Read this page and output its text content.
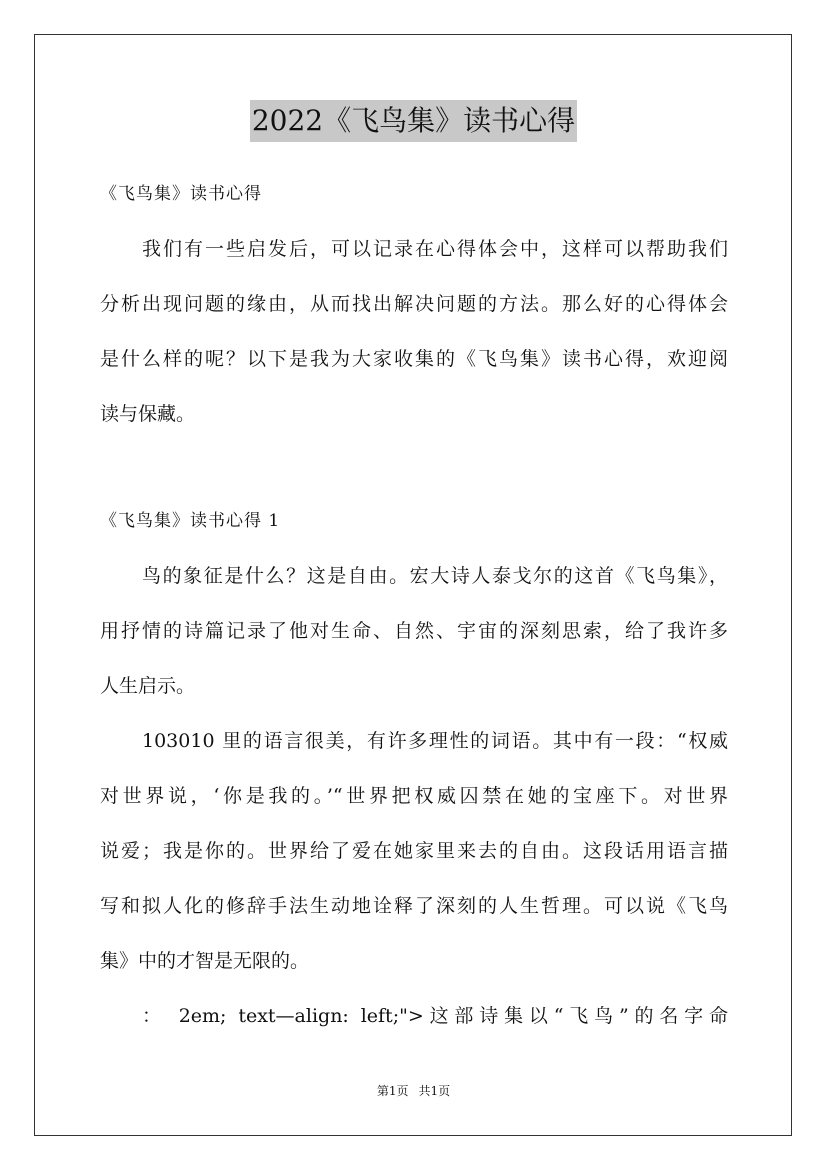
2022《飞鸟集》读书心得
《飞鸟集》读书心得
我们有一些启发后，可以记录在心得体会中，这样可以帮助我们
分析出现问题的缘由，从而找出解决问题的方法。那么好的心得体会
是什么样的呢？以下是我为大家收集的《飞鸟集》读书心得，欢迎阅
读与保藏。
《飞鸟集》读书心得 1
鸟的象征是什么？这是自由。宏大诗人泰戈尔的这首《飞鸟集》，
用抒情的诗篇记录了他对生命、自然、宇宙的深刻思索，给了我许多
人生启示。
103010 里的语言很美，有许多理性的词语。其中有一段：“权威
对世界说，‘你是我的。’“世界把权威囚禁在她的宝座下。对世界
说爱；我是你的。世界给了爱在她家里来去的自由。这段话用语言描
写和拟人化的修辞手法生动地诠释了深刻的人生哲理。可以说《飞鸟
集》中的才智是无限的。
： 2em; text—align: left;">这部诗集以“飞鸟”的名字命
第1页 共1页
